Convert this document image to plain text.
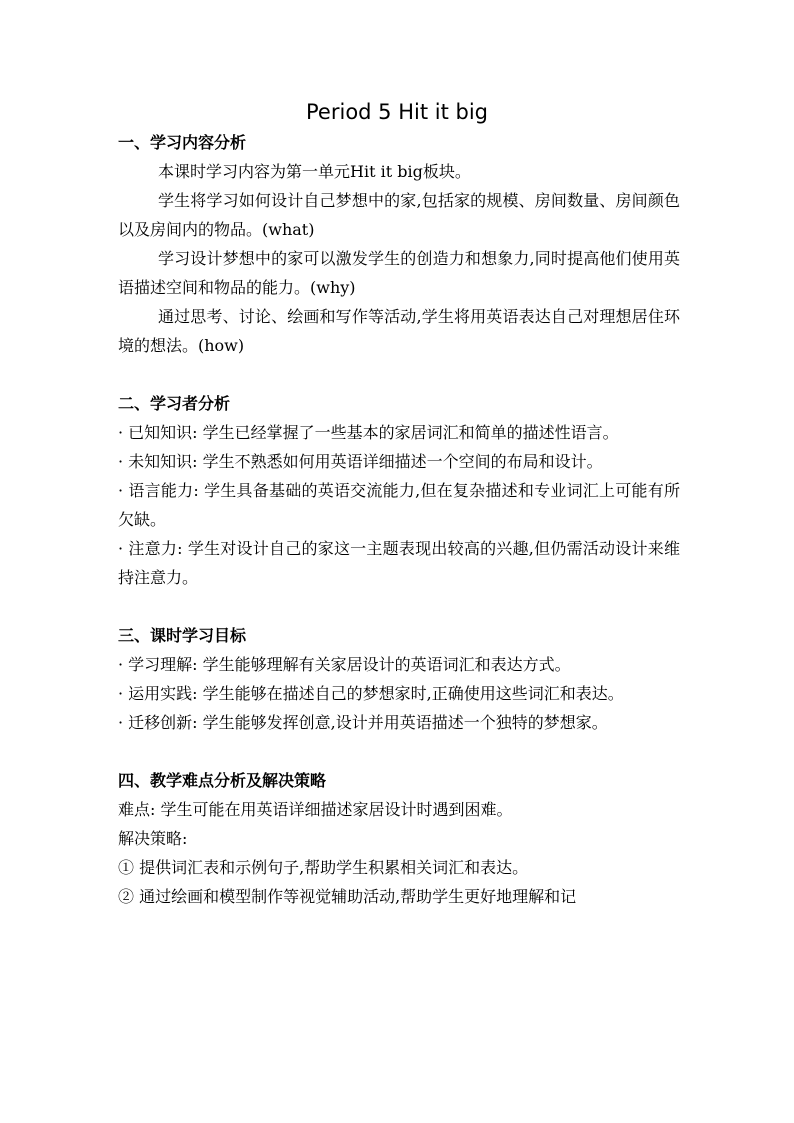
Period 5 Hit it big
一、学习内容分析
本课时学习内容为第一单元Hit it big板块。
学生将学习如何设计自己梦想中的家,包括家的规模、房间数量、房间颜色以及房间内的物品。(what)
学习设计梦想中的家可以激发学生的创造力和想象力,同时提高他们使用英语描述空间和物品的能力。(why)
通过思考、讨论、绘画和写作等活动,学生将用英语表达自己对理想居住环境的想法。(how)
二、学习者分析
· 已知知识: 学生已经掌握了一些基本的家居词汇和简单的描述性语言。
· 未知知识: 学生不熟悉如何用英语详细描述一个空间的布局和设计。
· 语言能力: 学生具备基础的英语交流能力,但在复杂描述和专业词汇上可能有所欠缺。
· 注意力: 学生对设计自己的家这一主题表现出较高的兴趣,但仍需活动设计来维持注意力。
三、课时学习目标
· 学习理解: 学生能够理解有关家居设计的英语词汇和表达方式。
· 运用实践: 学生能够在描述自己的梦想家时,正确使用这些词汇和表达。
· 迁移创新: 学生能够发挥创意,设计并用英语描述一个独特的梦想家。
四、教学难点分析及解决策略
难点: 学生可能在用英语详细描述家居设计时遇到困难。
解决策略:
① 提供词汇表和示例句子,帮助学生积累相关词汇和表达。
② 通过绘画和模型制作等视觉辅助活动,帮助学生更好地理解和记
